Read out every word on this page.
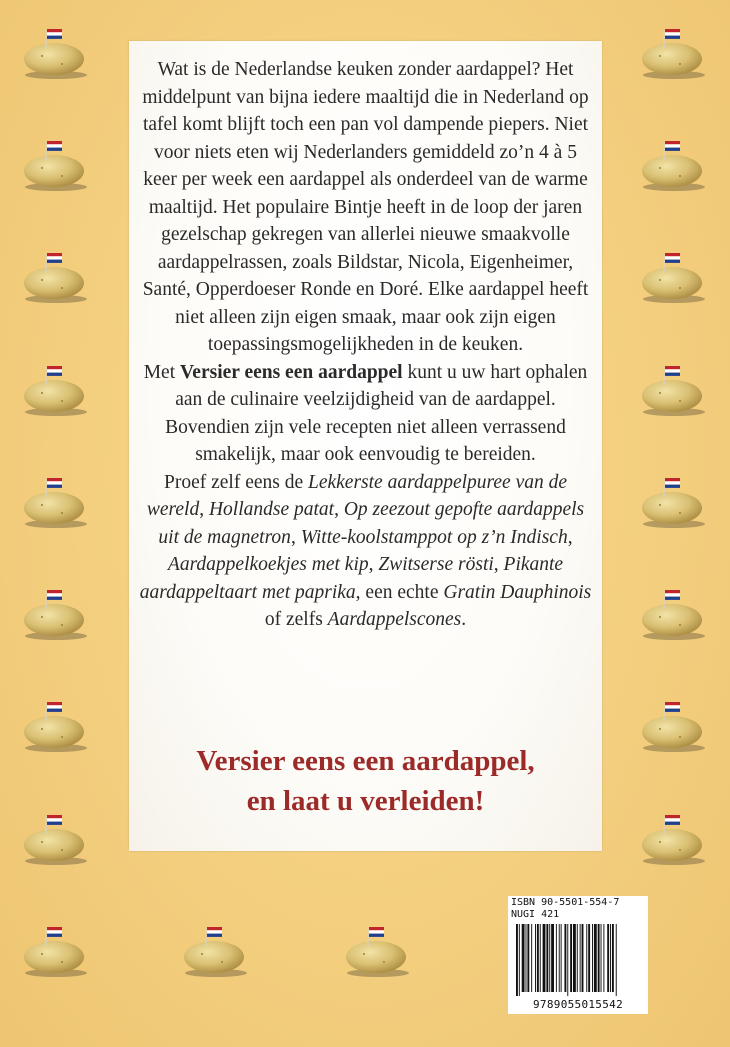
Wat is de Nederlandse keuken zonder aardappel? Het middelpunt van bijna iedere maaltijd die in Nederland op tafel komt blijft toch een pan vol dampende piepers. Niet voor niets eten wij Nederlanders gemiddeld zo’n 4 à 5 keer per week een aardappel als onderdeel van de warme maaltijd. Het populaire Bintje heeft in de loop der jaren gezelschap gekregen van allerlei nieuwe smaakvolle aardappelrassen, zoals Bildstar, Nicola, Eigenheimer, Santé, Opperdoeser Ronde en Doré. Elke aardappel heeft niet alleen zijn eigen smaak, maar ook zijn eigen toepassingsmogelijkheden in de keuken.
Met Versier eens een aardappel kunt u uw hart ophalen aan de culinaire veelzijdigheid van de aardappel. Bovendien zijn vele recepten niet alleen verrassend smakelijk, maar ook eenvoudig te bereiden.
Proef zelf eens de Lekkerste aardappelpuree van de wereld, Hollandse patat, Op zeezout gepofte aardappels uit de magnetron, Witte-koolstamppot op z’n Indisch, Aardappelkoekjes met kip, Zwitserse rösti, Pikante aardappeltaart met paprika, een echte Gratin Dauphinois of zelfs Aardappelscones.

Versier eens een aardappel,
en laat u verleiden!

ISBN 90-5501-554-7
NUGI 421
9789055015542
